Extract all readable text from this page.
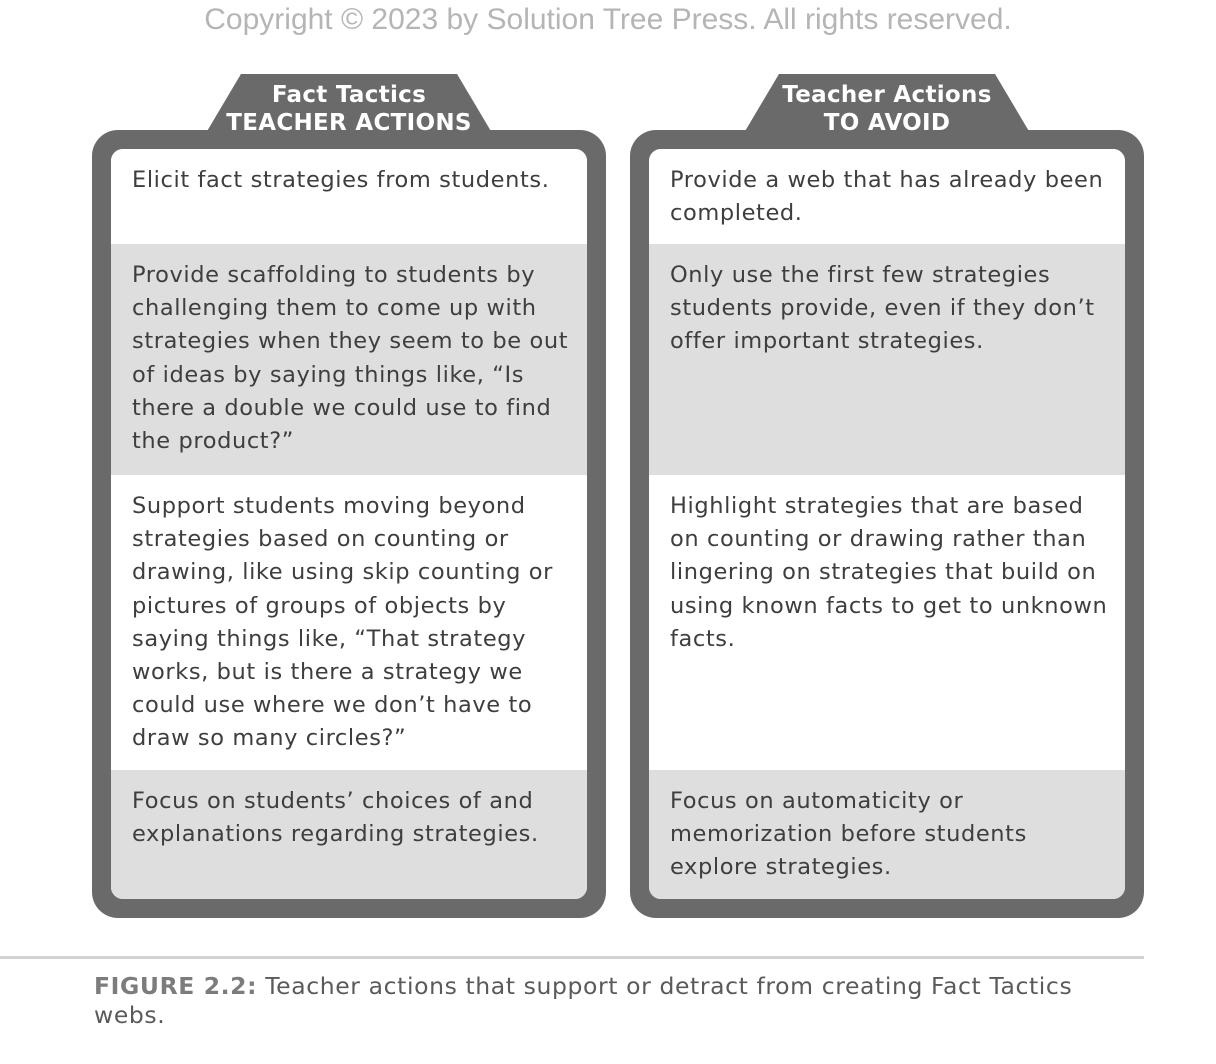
Copyright © 2023 by Solution Tree Press. All rights reserved.
Fact Tactics
TEACHER ACTIONS
Elicit fact strategies from students.
Provide scaffolding to students by challenging them to come up with strategies when they seem to be out of ideas by saying things like, “Is there a double we could use to find the product?”
Support students moving beyond strategies based on counting or drawing, like using skip counting or pictures of groups of objects by saying things like, “That strategy works, but is there a strategy we could use where we don’t have to draw so many circles?”
Focus on students’ choices of and explanations regarding strategies.
Teacher Actions
TO AVOID
Provide a web that has already been completed.
Only use the first few strategies students provide, even if they don’t offer important strategies.
Highlight strategies that are based on counting or drawing rather than lingering on strategies that build on using known facts to get to unknown facts.
Focus on automaticity or memorization before students explore strategies.
FIGURE 2.2: Teacher actions that support or detract from creating Fact Tactics webs.
